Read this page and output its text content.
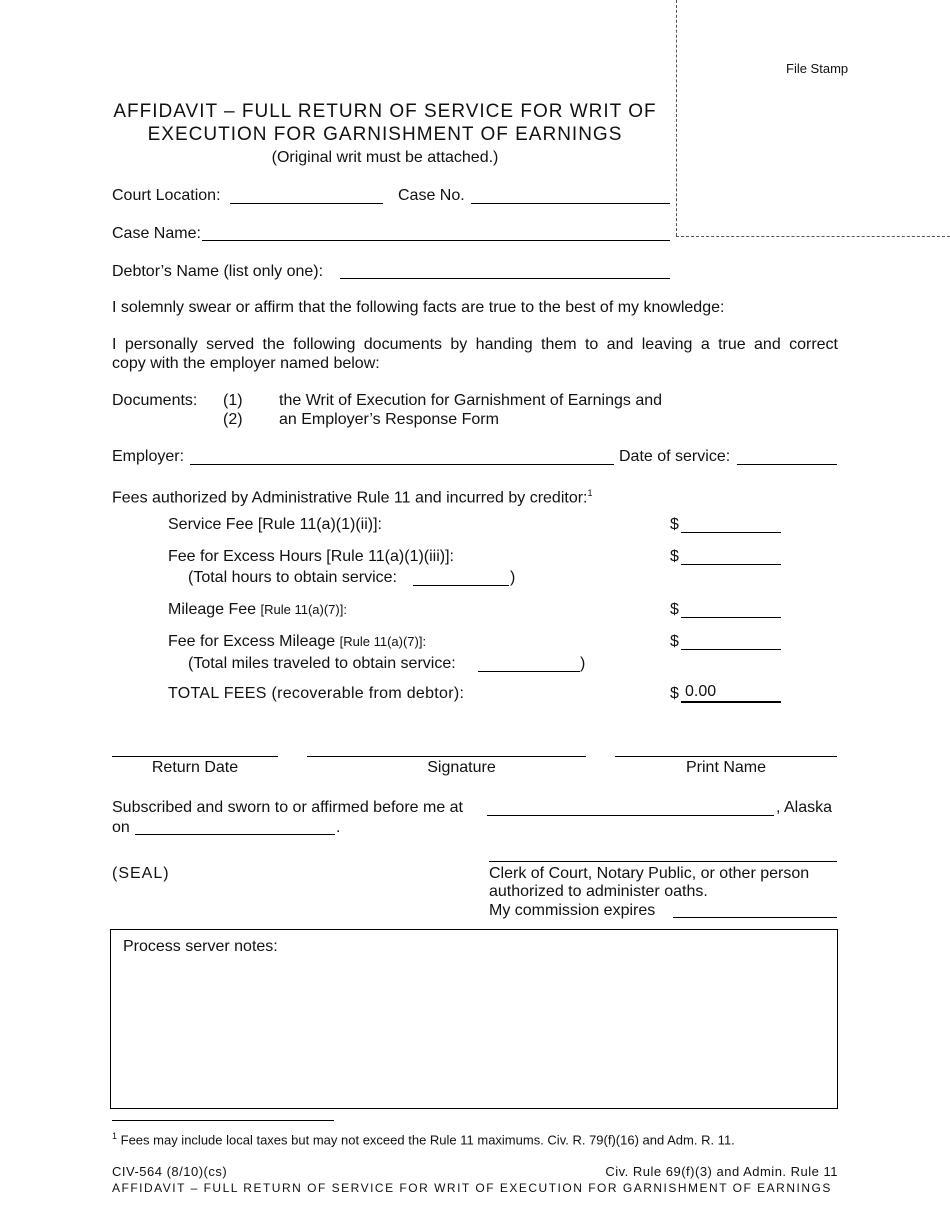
File Stamp
AFFIDAVIT – FULL RETURN OF SERVICE FOR WRIT OF
EXECUTION FOR GARNISHMENT OF EARNINGS
(Original writ must be attached.)
Court Location:	Case No.
Case Name:
Debtor’s Name (list only one):
I solemnly swear or affirm that the following facts are true to the best of my knowledge:
I personally served the following documents by handing them to and leaving a true and correct
copy with the employer named below:
Documents: (1) the Writ of Execution for Garnishment of Earnings and
(2) an Employer’s Response Form
Employer:	Date of service:
Fees authorized by Administrative Rule 11 and incurred by creditor:$^1$
Service Fee [Rule 11(a)(1)(ii)]:	$
Fee for Excess Hours [Rule 11(a)(1)(iii)]:	$
(Total hours to obtain service:	)
Mileage Fee [Rule 11(a)(7)]:	$
Fee for Excess Mileage [Rule 11(a)(7)]:	$
(Total miles traveled to obtain service:	)
TOTAL FEES (recoverable from debtor):	$ 0.00
Return Date	Signature	Print Name
Subscribed and sworn to or affirmed before me at	, Alaska
on	.
(SEAL)	Clerk of Court, Notary Public, or other person
authorized to administer oaths.
My commission expires
Process server notes:
$^1$ Fees may include local taxes but may not exceed the Rule 11 maximums. Civ. R. 79(f)(16) and Adm. R. 11.
CIV-564 (8/10)(cs)	Civ. Rule 69(f)(3) and Admin. Rule 11
AFFIDAVIT – FULL RETURN OF SERVICE FOR WRIT OF EXECUTION FOR GARNISHMENT OF EARNINGS
